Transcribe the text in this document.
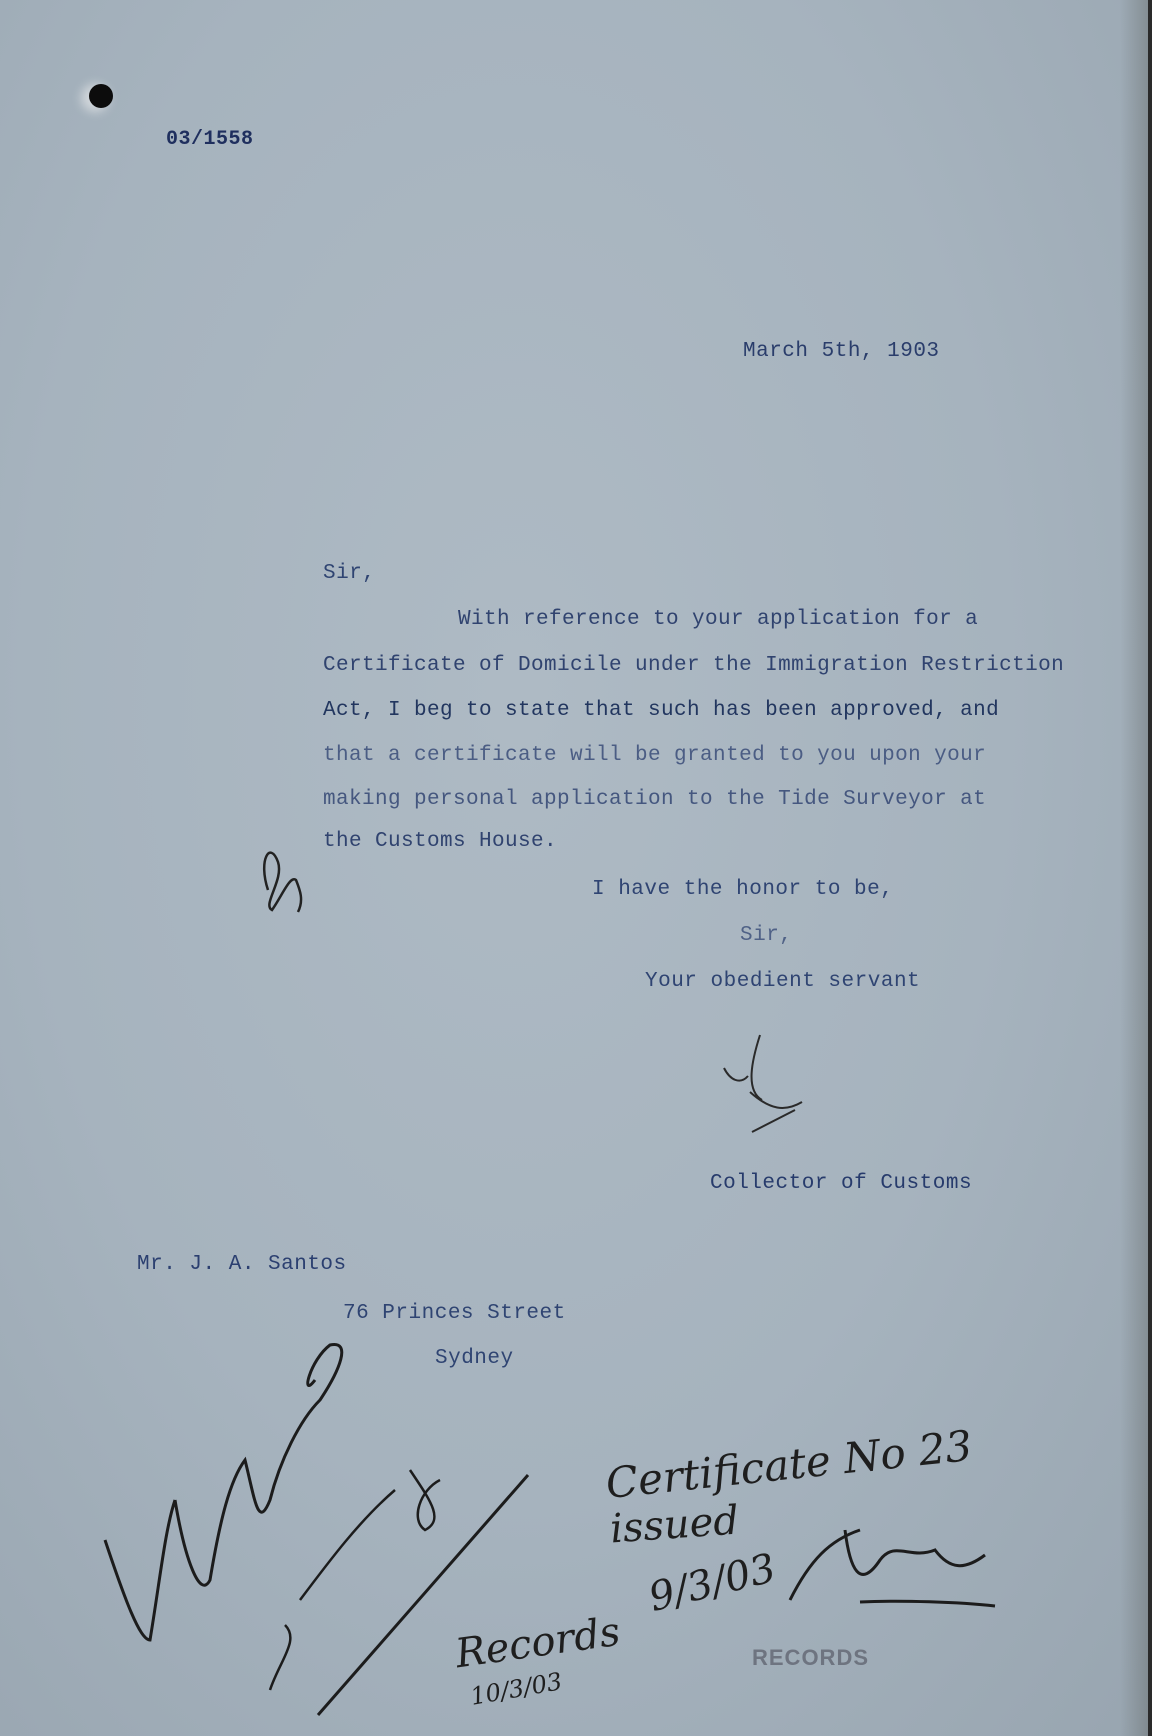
03/1558
March 5th, 1903
Sir,
With reference to your application for a
Certificate of Domicile under the Immigration Restriction
Act, I beg to state that such has been approved, and
that a certificate will be granted to you upon your
making personal application to the Tide Surveyor at
the Customs House.
I have the honor to be,
Sir,
Your obedient servant
Collector of Customs
Mr. J. A. Santos
76 Princes Street
Sydney
Certificate No 23
issued
9/3/03
Records
10/3/03
RECORDS
